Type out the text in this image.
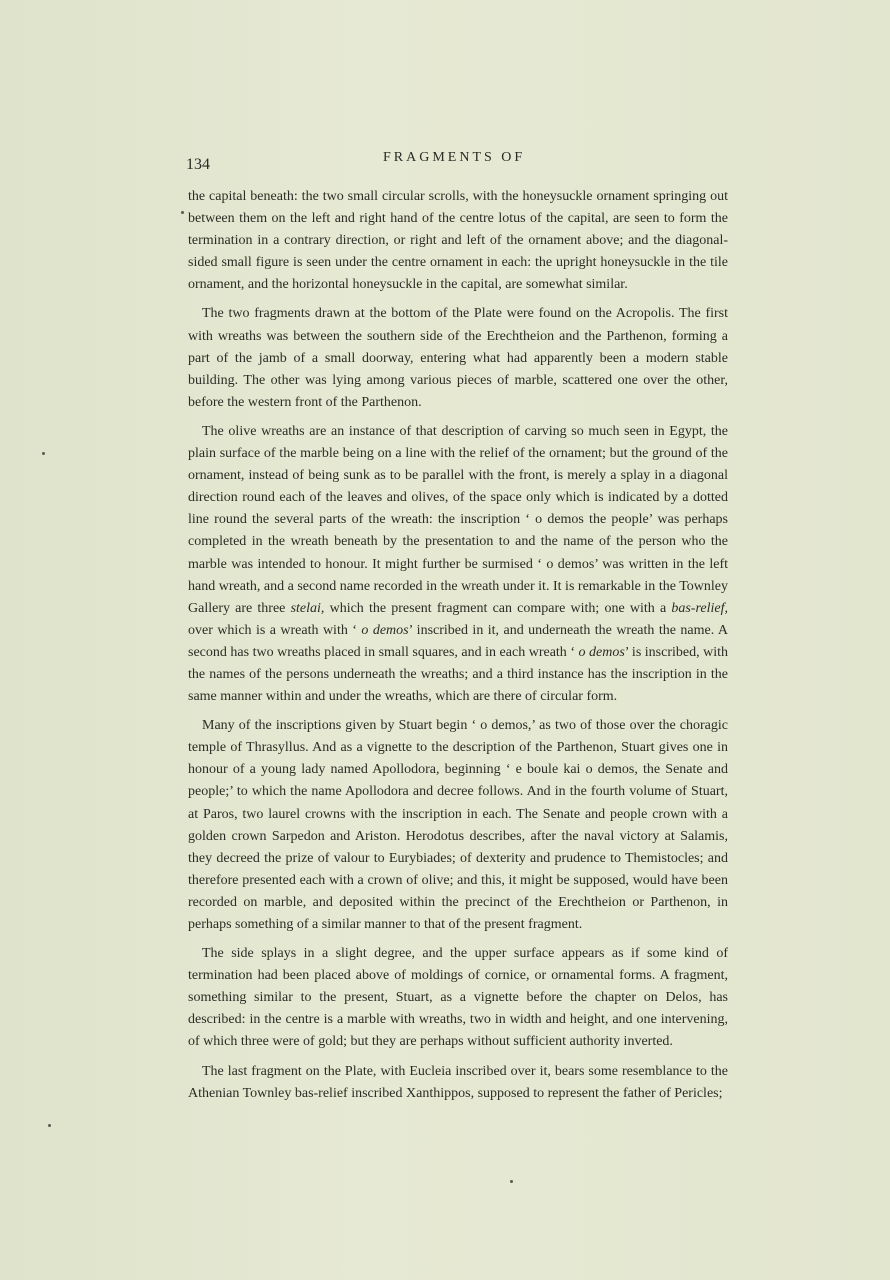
134	FRAGMENTS OF

the capital beneath: the two small circular scrolls, with the honeysuckle ornament springing out between them on the left and right hand of the centre lotus of the capital, are seen to form the termination in a contrary direction, or right and left of the ornament above; and the diagonal-sided small figure is seen under the centre ornament in each: the upright honeysuckle in the tile ornament, and the horizontal honeysuckle in the capital, are somewhat similar.

The two fragments drawn at the bottom of the Plate were found on the Acropolis. The first with wreaths was between the southern side of the Erechtheion and the Parthenon, forming a part of the jamb of a small doorway, entering what had apparently been a modern stable building. The other was lying among various pieces of marble, scattered one over the other, before the western front of the Parthenon.

The olive wreaths are an instance of that description of carving so much seen in Egypt, the plain surface of the marble being on a line with the relief of the ornament; but the ground of the ornament, instead of being sunk as to be parallel with the front, is merely a splay in a diagonal direction round each of the leaves and olives, of the space only which is indicated by a dotted line round the several parts of the wreath: the inscription ‘ o demos the people’ was perhaps completed in the wreath beneath by the presentation to and the name of the person who the marble was intended to honour. It might further be surmised ‘ o demos’ was written in the left hand wreath, and a second name recorded in the wreath under it. It is remarkable in the Townley Gallery are three stelai, which the present fragment can compare with; one with a bas-relief, over which is a wreath with ‘ o demos’ inscribed in it, and underneath the wreath the name. A second has two wreaths placed in small squares, and in each wreath ‘ o demos’ is inscribed, with the names of the persons underneath the wreaths; and a third instance has the inscription in the same manner within and under the wreaths, which are there of circular form.

Many of the inscriptions given by Stuart begin ‘ o demos,’ as two of those over the choragic temple of Thrasyllus. And as a vignette to the description of the Parthenon, Stuart gives one in honour of a young lady named Apollodora, beginning ‘ e boule kai o demos, the Senate and people;’ to which the name Apollodora and decree follows. And in the fourth volume of Stuart, at Paros, two laurel crowns with the inscription in each. The Senate and people crown with a golden crown Sarpedon and Ariston. Herodotus describes, after the naval victory at Salamis, they decreed the prize of valour to Eurybiades; of dexterity and prudence to Themistocles; and therefore presented each with a crown of olive; and this, it might be supposed, would have been recorded on marble, and deposited within the precinct of the Erechtheion or Parthenon, in perhaps something of a similar manner to that of the present fragment.

The side splays in a slight degree, and the upper surface appears as if some kind of termination had been placed above of moldings of cornice, or ornamental forms. A fragment, something similar to the present, Stuart, as a vignette before the chapter on Delos, has described: in the centre is a marble with wreaths, two in width and height, and one intervening, of which three were of gold; but they are perhaps without sufficient authority inverted.

The last fragment on the Plate, with Eucleia inscribed over it, bears some resemblance to the Athenian Townley bas-relief inscribed Xanthippos, supposed to represent the father of Pericles;
